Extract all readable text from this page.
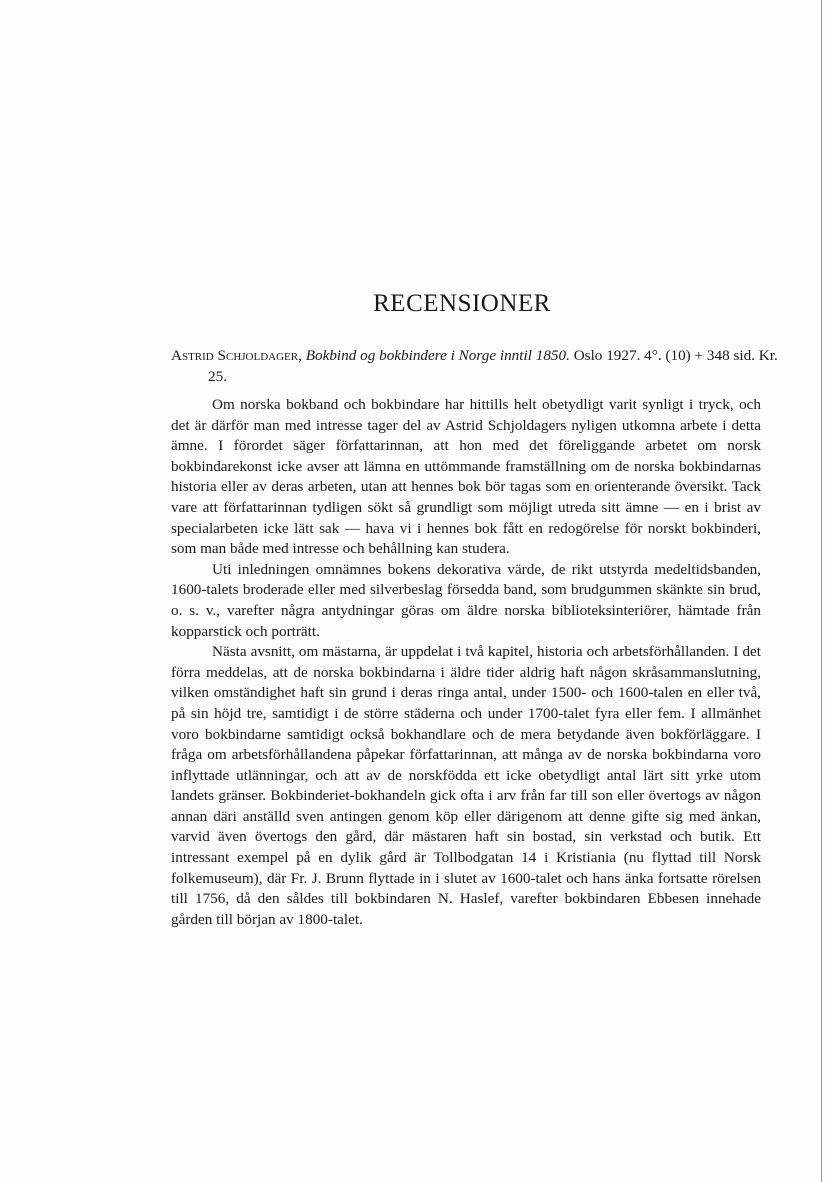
RECENSIONER
Astrid Schjoldager, Bokbind og bokbindere i Norge inntil 1850. Oslo 1927. 4°. (10) + 348 sid. Kr. 25.

Om norska bokband och bokbindare har hittills helt obetydligt varit synligt i tryck, och det är därför man med intresse tager del av Astrid Schjoldagers nyligen utkomna arbete i detta ämne. I förordet säger författarinnan, att hon med det föreliggande arbetet om norsk bokbindarekonst icke avser att lämna en uttömmande framställning om de norska bokbindarnas historia eller av deras arbeten, utan att hennes bok bör tagas som en orienterande översikt. Tack vare att författarinnan tydligen sökt så grundligt som möjligt utreda sitt ämne — en i brist av specialarbeten icke lätt sak — hava vi i hennes bok fått en redogörelse för norskt bokbinderi, som man både med intresse och behållning kan studera.

Uti inledningen omnämnes bokens dekorativa värde, de rikt utstyrda medeltidsbanden, 1600-talets broderade eller med silverbeslag försedda band, som brudgummen skänkte sin brud, o. s. v., varefter några antydningar göras om äldre norska biblioteksinteriörer, hämtade från kopparstick och porträtt.

Nästa avsnitt, om mästarna, är uppdelat i två kapitel, historia och arbetsförhållanden. I det förra meddelas, att de norska bokbindarna i äldre tider aldrig haft någon skråsammanslutning, vilken omständighet haft sin grund i deras ringa antal, under 1500- och 1600-talen en eller två, på sin höjd tre, samtidigt i de större städerna och under 1700-talet fyra eller fem. I allmänhet voro bokbindarne samtidigt också bokhandlare och de mera betydande även bokförläggare. I fråga om arbetsförhållandena påpekar författarinnan, att många av de norska bokbindarna voro inflyttade utlänningar, och att av de norskfödda ett icke obetydligt antal lärt sitt yrke utom landets gränser. Bokbinderiet-bokhandeln gick ofta i arv från far till son eller övertogs av någon annan däri anställd sven antingen genom köp eller därigenom att denne gifte sig med änkan, varvid även övertogs den gård, där mästaren haft sin bostad, sin verkstad och butik. Ett intressant exempel på en dylik gård är Tollbodgatan 14 i Kristiania (nu flyttad till Norsk folkemuseum), där Fr. J. Brunn flyttade in i slutet av 1600-talet och hans änka fortsatte rörelsen till 1756, då den såldes till bokbindaren N. Haslef, varefter bokbindaren Ebbesen innehade gården till början av 1800-talet.
